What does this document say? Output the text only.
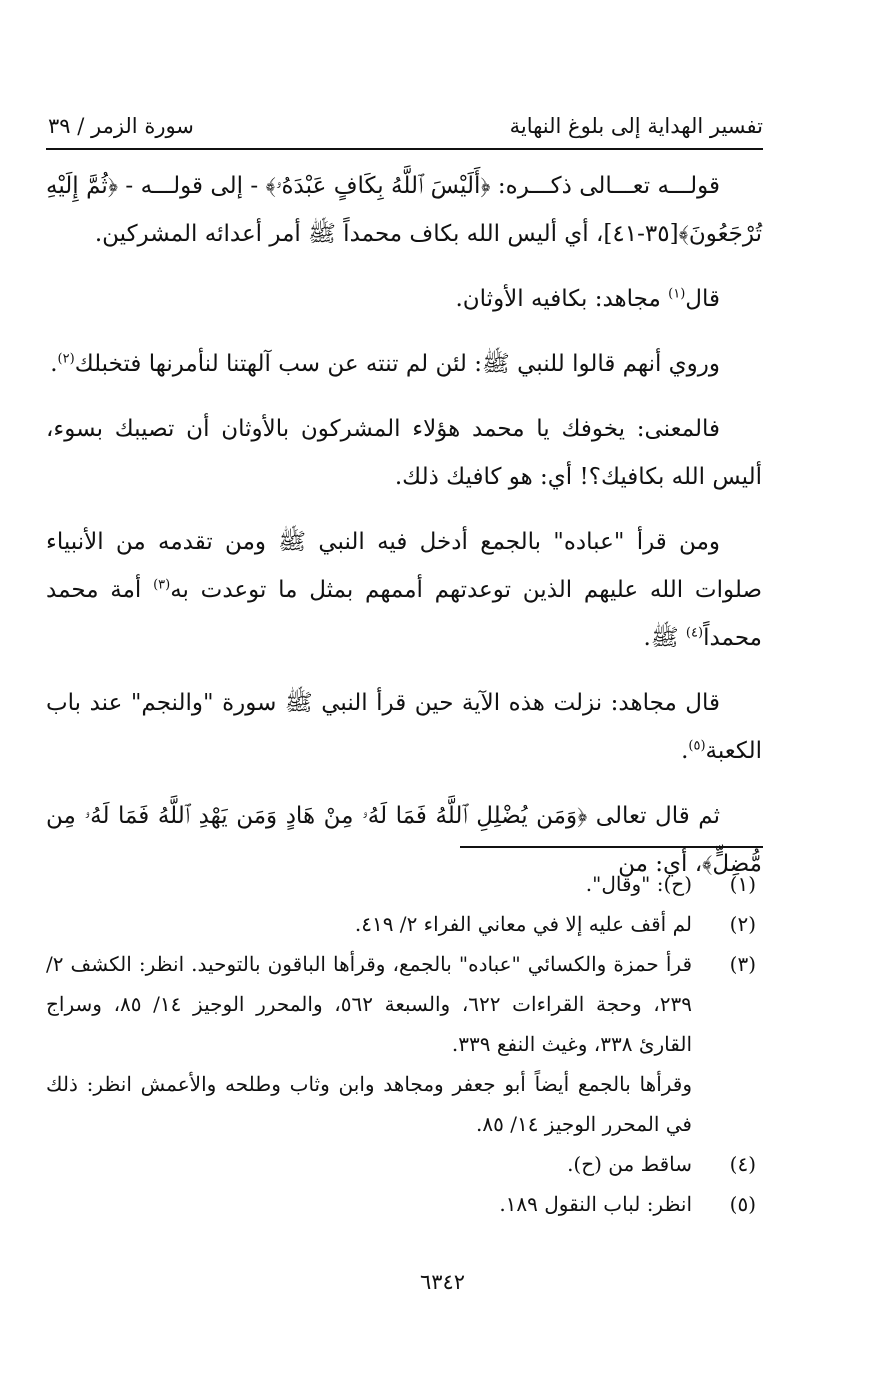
تفسير الهداية إلى بلوغ النهاية
سورة الزمر / ٣٩

قولـــه تعـــالى ذكـــره: ﴿أَلَيْسَ ٱللَّهُ بِكَافٍ عَبْدَهُۥ﴾ - إلى قولـــه - ﴿ثُمَّ إِلَيْهِ تُرْجَعُونَ﴾[٣٥-٤١]، أي أليس الله بكاف محمداً ﷺ أمر أعدائه المشركين.

قال$^{(١)}$ مجاهد: بكافيه الأوثان.

وروي أنهم قالوا للنبي ﷺ: لئن لم تنته عن سب آلهتنا لنأمرنها فتخبلك$^{(٢)}$.

فالمعنى: يخوفك يا محمد هؤلاء المشركون بالأوثان أن تصيبك بسوء، أليس الله بكافيك؟! أي: هو كافيك ذلك.

ومن قرأ "عباده" بالجمع أدخل فيه النبي ﷺ ومن تقدمه من الأنبياء صلوات الله عليهم الذين توعدتهم أممهم بمثل ما توعدت به$^{(٣)}$ أمة محمد محمداً$^{(٤)}$ ﷺ.

قال مجاهد: نزلت هذه الآية حين قرأ النبي ﷺ سورة "والنجم" عند باب الكعبة$^{(٥)}$.

ثم قال تعالى ﴿وَمَن يُضْلِلِ ٱللَّهُ فَمَا لَهُۥ مِنْ هَادٍ وَمَن يَهْدِ ٱللَّهُ فَمَا لَهُۥ مِن مُّضِلٍّ﴾، أي: من

(١)
(ح): "وقال".
(٢)
لم أقف عليه إلا في معاني الفراء ٢/ ٤١٩.
(٣)
قرأ حمزة والكسائي "عباده" بالجمع، وقرأها الباقون بالتوحيد. انظر: الكشف ٢/ ٢٣٩، وحجة القراءات ٦٢٢، والسبعة ٥٦٢، والمحرر الوجيز ١٤/ ٨٥، وسراج القارئ ٣٣٨، وغيث النفع ٣٣٩.
وقرأها بالجمع أيضاً أبو جعفر ومجاهد وابن وثاب وطلحه والأعمش انظر: ذلك في المحرر الوجيز ١٤/ ٨٥.
(٤)
ساقط من (ح).
(٥)
انظر: لباب النقول ١٨٩.
٦٣٤٢
